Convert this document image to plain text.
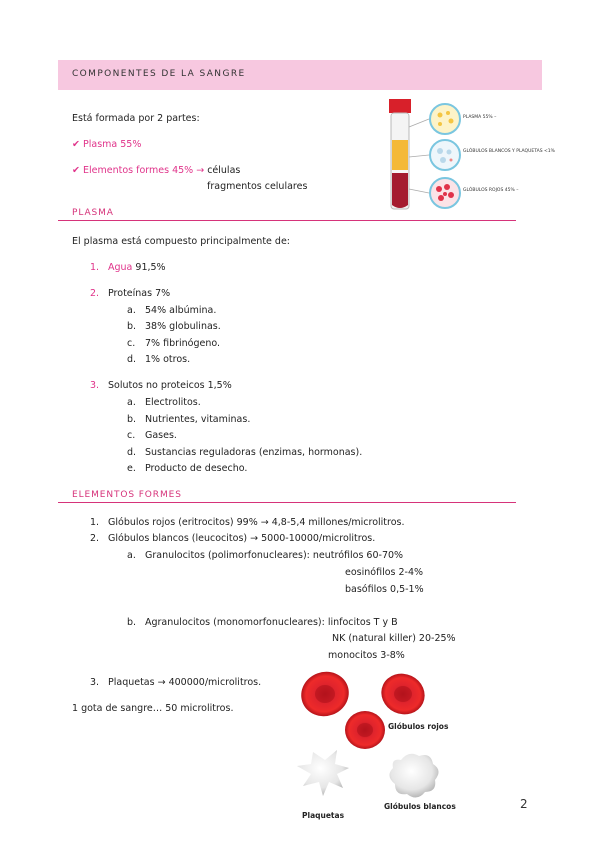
COMPONENTES DE LA SANGRE
Está formada por 2 partes:
✔ Plasma 55%
✔ Elementos formes 45% → células
fragmentos celulares
PLASMA 55% –
GLÓBULOS BLANCOS Y PLAQUETAS <1%
GLÓBULOS ROJOS 45% –
PLASMA
El plasma está compuesto principalmente de:
1. Agua 91,5%
2. Proteínas 7%
a. 54% albúmina.
b. 38% globulinas.
c. 7% fibrinógeno.
d. 1% otros.
3. Solutos no proteicos 1,5%
a. Electrolitos.
b. Nutrientes, vitaminas.
c. Gases.
d. Sustancias reguladoras (enzimas, hormonas).
e. Producto de desecho.
ELEMENTOS FORMES
1. Glóbulos rojos (eritrocitos) 99% → 4,8-5,4 millones/microlitros.
2. Glóbulos blancos (leucocitos) → 5000-10000/microlitros.
a. Granulocitos (polimorfonucleares): neutrófilos 60-70%
eosinófilos 2-4%
basófilos 0,5-1%
b. Agranulocitos (monomorfonucleares): linfocitos T y B
NK (natural killer) 20-25%
monocitos 3-8%
3. Plaquetas → 400000/microlitros.
1 gota de sangre… 50 microlitros.
Glóbulos rojos
Plaquetas
Glóbulos blancos	2
